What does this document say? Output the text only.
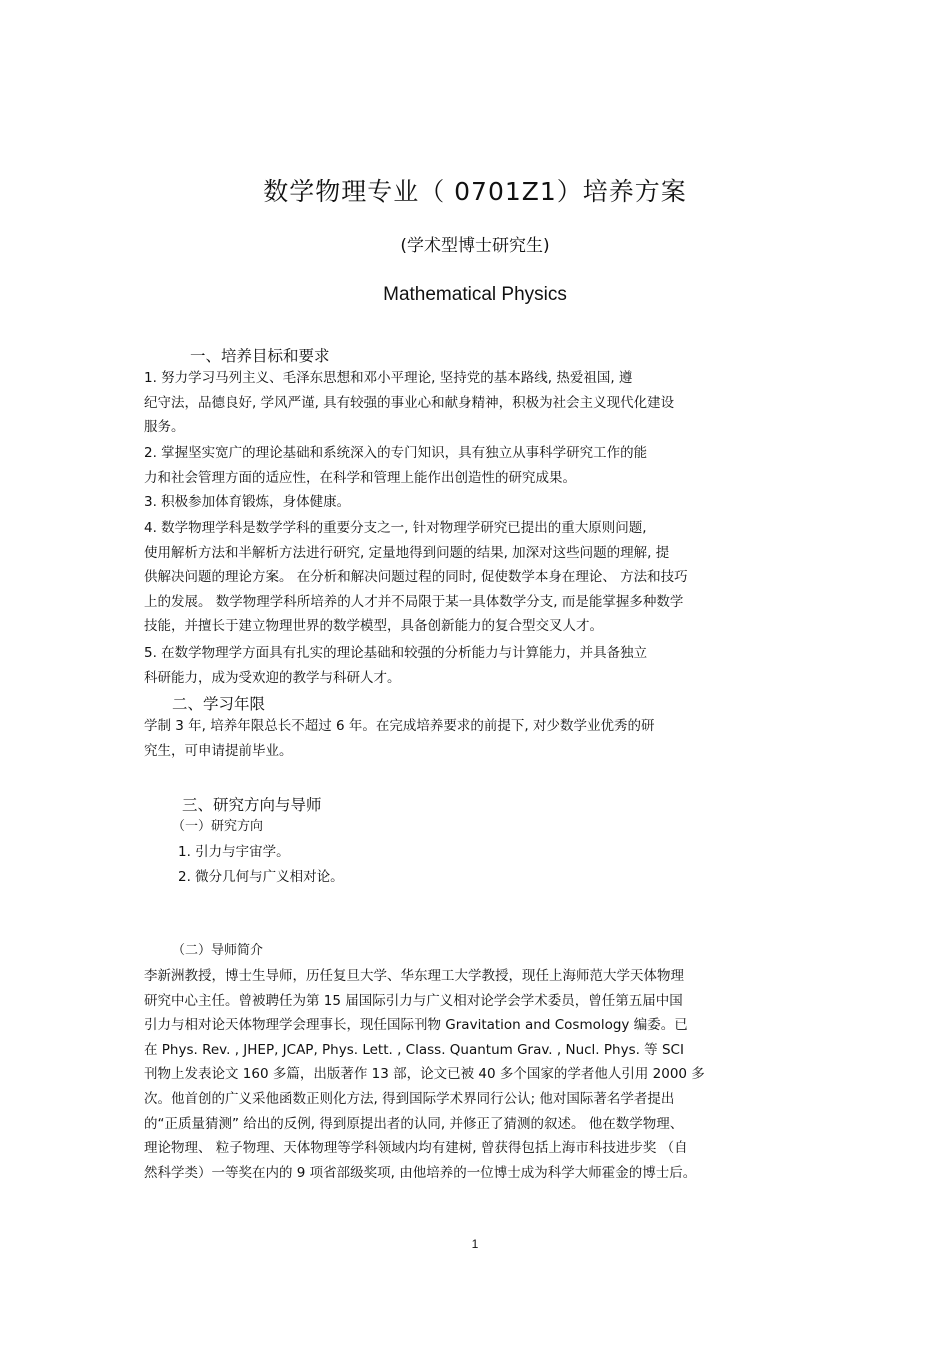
数学物理专业（ 0701Z1）培养方案
(学术型博士研究生)
Mathematical Physics
一、培养目标和要求
1. 努力学习马列主义、毛泽东思想和邓小平理论, 坚持党的基本路线, 热爱祖国, 遵
纪守法，品德良好, 学风严谨, 具有较强的事业心和献身精神，积极为社会主义现代化建设
服务。
2. 掌握坚实宽广的理论基础和系统深入的专门知识，具有独立从事科学研究工作的能
力和社会管理方面的适应性，在科学和管理上能作出创造性的研究成果。
3. 积极参加体育锻炼，身体健康。
4. 数学物理学科是数学学科的重要分支之一, 针对物理学研究已提出的重大原则问题,
使用解析方法和半解析方法进行研究, 定量地得到问题的结果, 加深对这些问题的理解, 提
供解决问题的理论方案。 在分析和解决问题过程的同时, 促使数学本身在理论、 方法和技巧
上的发展。 数学物理学科所培养的人才并不局限于某一具体数学分支, 而是能掌握多种数学
技能，并擅长于建立物理世界的数学模型，具备创新能力的复合型交叉人才。
5. 在数学物理学方面具有扎实的理论基础和较强的分析能力与计算能力，并具备独立
科研能力，成为受欢迎的教学与科研人才。
二、学习年限
学制 3 年, 培养年限总长不超过 6 年。在完成培养要求的前提下, 对少数学业优秀的研
究生，可申请提前毕业。
三、研究方向与导师
（一）研究方向
1. 引力与宇宙学。
2. 微分几何与广义相对论。
（二）导师简介
李新洲教授，博士生导师，历任复旦大学、华东理工大学教授，现任上海师范大学天体物理
研究中心主任。曾被聘任为第 15 届国际引力与广义相对论学会学术委员，曾任第五届中国
引力与相对论天体物理学会理事长，现任国际刊物 Gravitation and Cosmology 编委。已
在 Phys. Rev. , JHEP, JCAP, Phys. Lett. , Class. Quantum Grav. , Nucl. Phys. 等 SCI
刊物上发表论文 160 多篇，出版著作 13 部，论文已被 40 多个国家的学者他人引用 2000 多
次。他首创的广义采他函数正则化方法, 得到国际学术界同行公认; 他对国际著名学者提出
的“正质量猜测” 给出的反例, 得到原提出者的认同, 并修正了猜测的叙述。 他在数学物理、
理论物理、 粒子物理、天体物理等学科领域内均有建树, 曾获得包括上海市科技进步奖 （自
然科学类）一等奖在内的 9 项省部级奖项, 由他培养的一位博士成为科学大师霍金的博士后。
1
